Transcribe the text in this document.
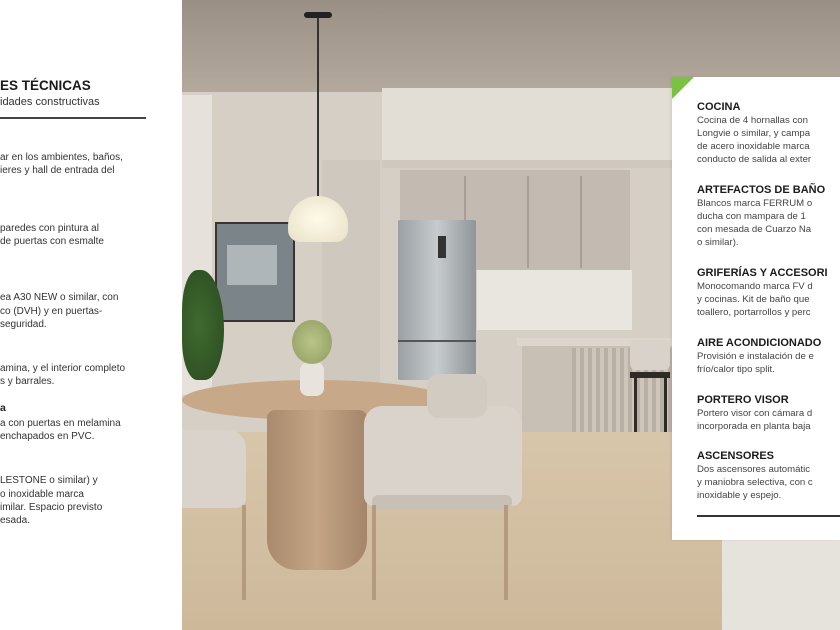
ES TÉCNICAS
idades constructivas
ar en los ambientes, baños,
ieres y hall de entrada del
paredes con pintura al
de puertas con esmalte
ea A30 NEW o similar, con
co (DVH) y en puertas-
seguridad.
amina, y el interior completo
s y barrales.
a
a con puertas en melamina
enchapados en PVC.
LESTONE o similar) y
o inoxidable marca
imilar. Espacio previsto
esada.
COCINA
Cocina de 4 hornallas con
Longvie o similar, y campa
de acero inoxidable marca
conducto de salida al exter
ARTEFACTOS DE BAÑO
Blancos marca FERRUM o
ducha con mampara de 1
con mesada de Cuarzo Na
o similar).
GRIFERÍAS Y ACCESORI
Monocomando marca FV d
y cocinas. Kit de baño que
toallero, portarrollos y perc
AIRE ACONDICIONADO
Provisión e instalación de e
frío/calor tipo split.
PORTERO VISOR
Portero visor con cámara d
incorporada en planta baja
ASCENSORES
Dos ascensores automátic
y maniobra selectiva, con c
inoxidable y espejo.
